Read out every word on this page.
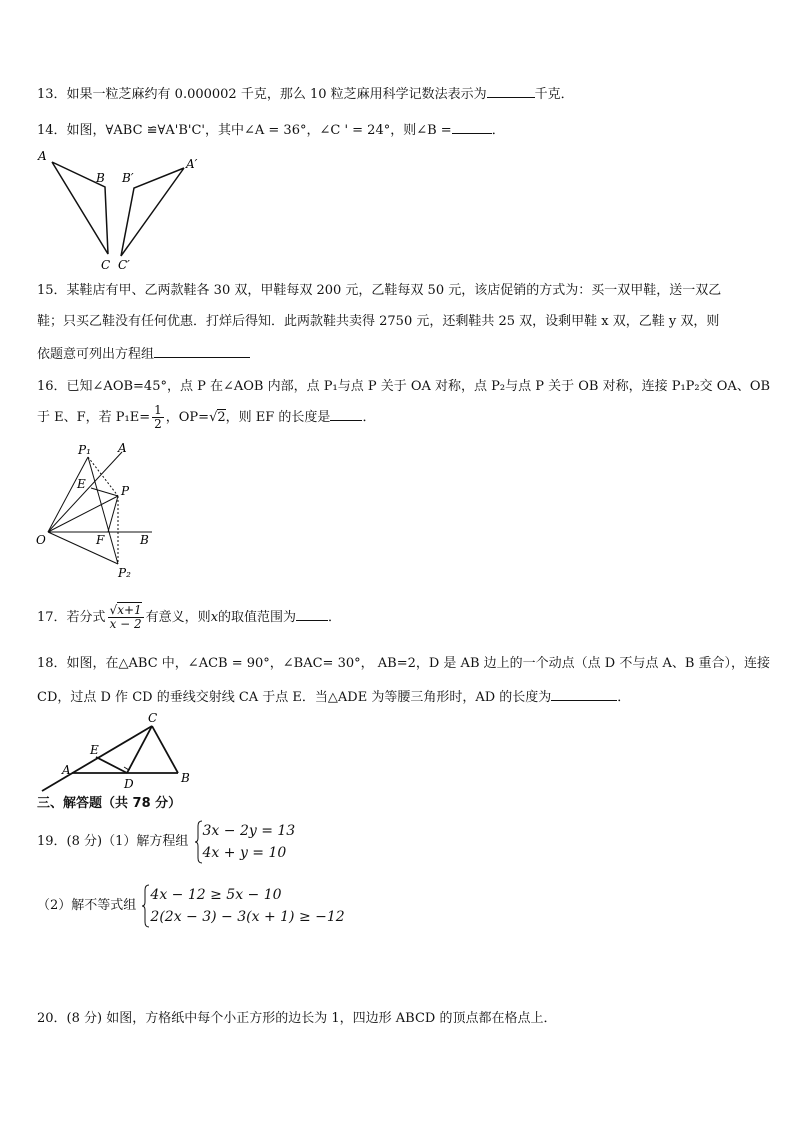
13．如果一粒芝麻约有 0.000002 千克，那么 10 粒芝麻用科学记数法表示为	千克．
14．如图，∀ABC ≌∀A'B'C'，其中∠A = 36°，∠C ' = 24°，则∠B =	．
A
B
C
B′
A′
C′
15．某鞋店有甲、乙两款鞋各 30 双，甲鞋每双 200 元，乙鞋每双 50 元，该店促销的方式为：买一双甲鞋，送一双乙
鞋；只买乙鞋没有任何优惠．打烊后得知．此两款鞋共卖得 2750 元，还剩鞋共 25 双，设剩甲鞋 x 双，乙鞋 y 双，则
依题意可列出方程组
16．已知∠AOB=45°，点 P 在∠AOB 内部，点 P₁与点 P 关于 OA 对称，点 P₂与点 P 关于 OB 对称，连接 P₁P₂交 OA、OB
于 E、F，若 $P_1E= \frac{1}{2}$ ，OP=√2，则 EF 的长度是 ．
P₁ A
E	P
O	F	B
P₂
17．若分式 $\frac{√x+1}{x - 2}$ 有意义，则x的取值范围为 ．
18．如图，在△ABC 中，∠ACB = 90°，∠BAC= 30°， AB=2，D 是 AB 边上的一个动点（点 D 不与点 A、B 重合），连接
CD，过点 D 作 CD 的垂线交射线 CA 于点 E．当△ADE 为等腰三角形时，AD 的长度为	．
C
E
A
D	B
三、解答题（共 78 分）
19．(8 分)（1）解方程组
3x − 2y = 13
4x + y = 10
（2）解不等式组
4x − 12 ≥ 5x − 10
2(2x − 3) − 3(x + 1) ≥ −12
20．(8 分) 如图，方格纸中每个小正方形的边长为 1，四边形 ABCD 的顶点都在格点上．
